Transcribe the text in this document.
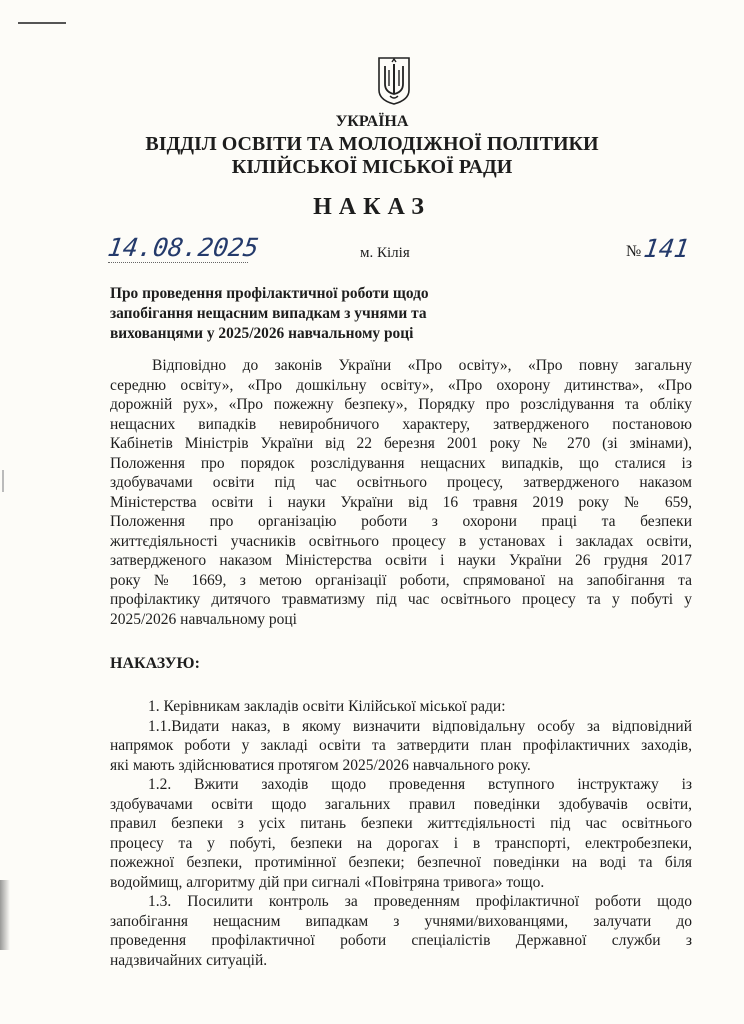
УКРАЇНА
ВІДДІЛ ОСВІТИ ТА МОЛОДІЖНОЇ ПОЛІТИКИ
КІЛІЙСЬКОЇ МІСЬКОЇ РАДИ
НАКАЗ
14.08.2025	м. Кілія	№ 141
Про проведення профілактичної роботи щодо
запобігання нещасним випадкам з учнями та
вихованцями у 2025/2026 навчальному році
Відповідно до законів України «Про освіту», «Про повну загальну
середню освіту», «Про дошкільну освіту», «Про охорону дитинства», «Про
дорожній рух», «Про пожежну безпеку», Порядку про розслідування та обліку
нещасних випадків невиробничого характеру, затвердженого постановою
Кабінетів Міністрів України від 22 березня 2001 року № 270 (зі змінами),
Положення про порядок розслідування нещасних випадків, що сталися із
здобувачами освіти під час освітнього процесу, затвердженого наказом
Міністерства освіти і науки України від 16 травня 2019 року № 659,
Положення про організацію роботи з охорони праці та безпеки
життєдіяльності учасників освітнього процесу в установах і закладах освіти,
затвердженого наказом Міністерства освіти і науки України 26 грудня 2017
року № 1669, з метою організації роботи, спрямованої на запобігання та
профілактику дитячого травматизму під час освітнього процесу та у побуті у
2025/2026 навчальному році
НАКАЗУЮ:
1. Керівникам закладів освіти Кілійської міської ради:
1.1.Видати наказ, в якому визначити відповідальну особу за відповідний
напрямок роботи у закладі освіти та затвердити план профілактичних заходів,
які мають здійснюватися протягом 2025/2026 навчального року.
1.2. Вжити заходів щодо проведення вступного інструктажу із
здобувачами освіти щодо загальних правил поведінки здобувачів освіти,
правил безпеки з усіх питань безпеки життєдіяльності під час освітнього
процесу та у побуті, безпеки на дорогах і в транспорті, електробезпеки,
пожежної безпеки, протимінної безпеки; безпечної поведінки на воді та біля
водоймищ, алгоритму дій при сигналі «Повітряна тривога» тощо.
1.3. Посилити контроль за проведенням профілактичної роботи щодо
запобігання нещасним випадкам з учнями/вихованцями, залучати до
проведення профілактичної роботи спеціалістів Державної служби з
надзвичайних ситуацій.
